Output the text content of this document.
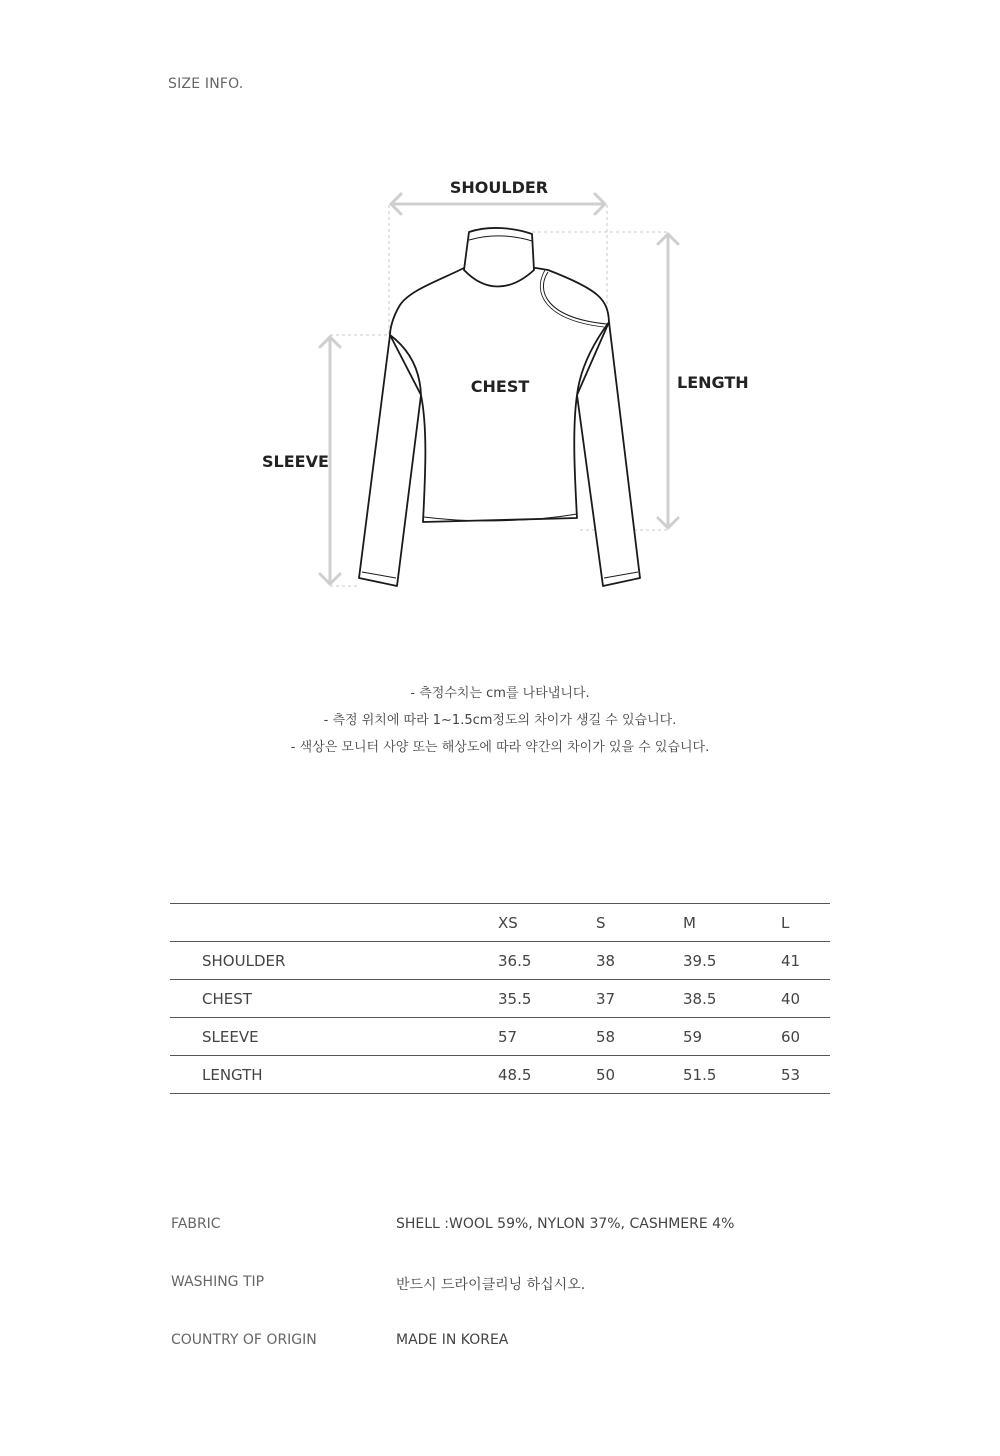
SIZE INFO.
SHOULDER
CHEST	LENGTH
SLEEVE
- 측정수치는 cm를 나타냅니다.
- 측정 위치에 따라 1~1.5cm정도의 차이가 생길 수 있습니다.
- 색상은 모니터 사양 또는 해상도에 따라 약간의 차이가 있을 수 있습니다.
	XS	S	M	L
SHOULDER	36.5	38	39.5	41
CHEST	35.5	37	38.5	40
SLEEVE	57	58	59	60
LENGTH	48.5	50	51.5	53
FABRIC	SHELL :WOOL 59%, NYLON 37%, CASHMERE 4%
WASHING TIP	반드시 드라이클리닝 하십시오.
COUNTRY OF ORIGIN	MADE IN KOREA
